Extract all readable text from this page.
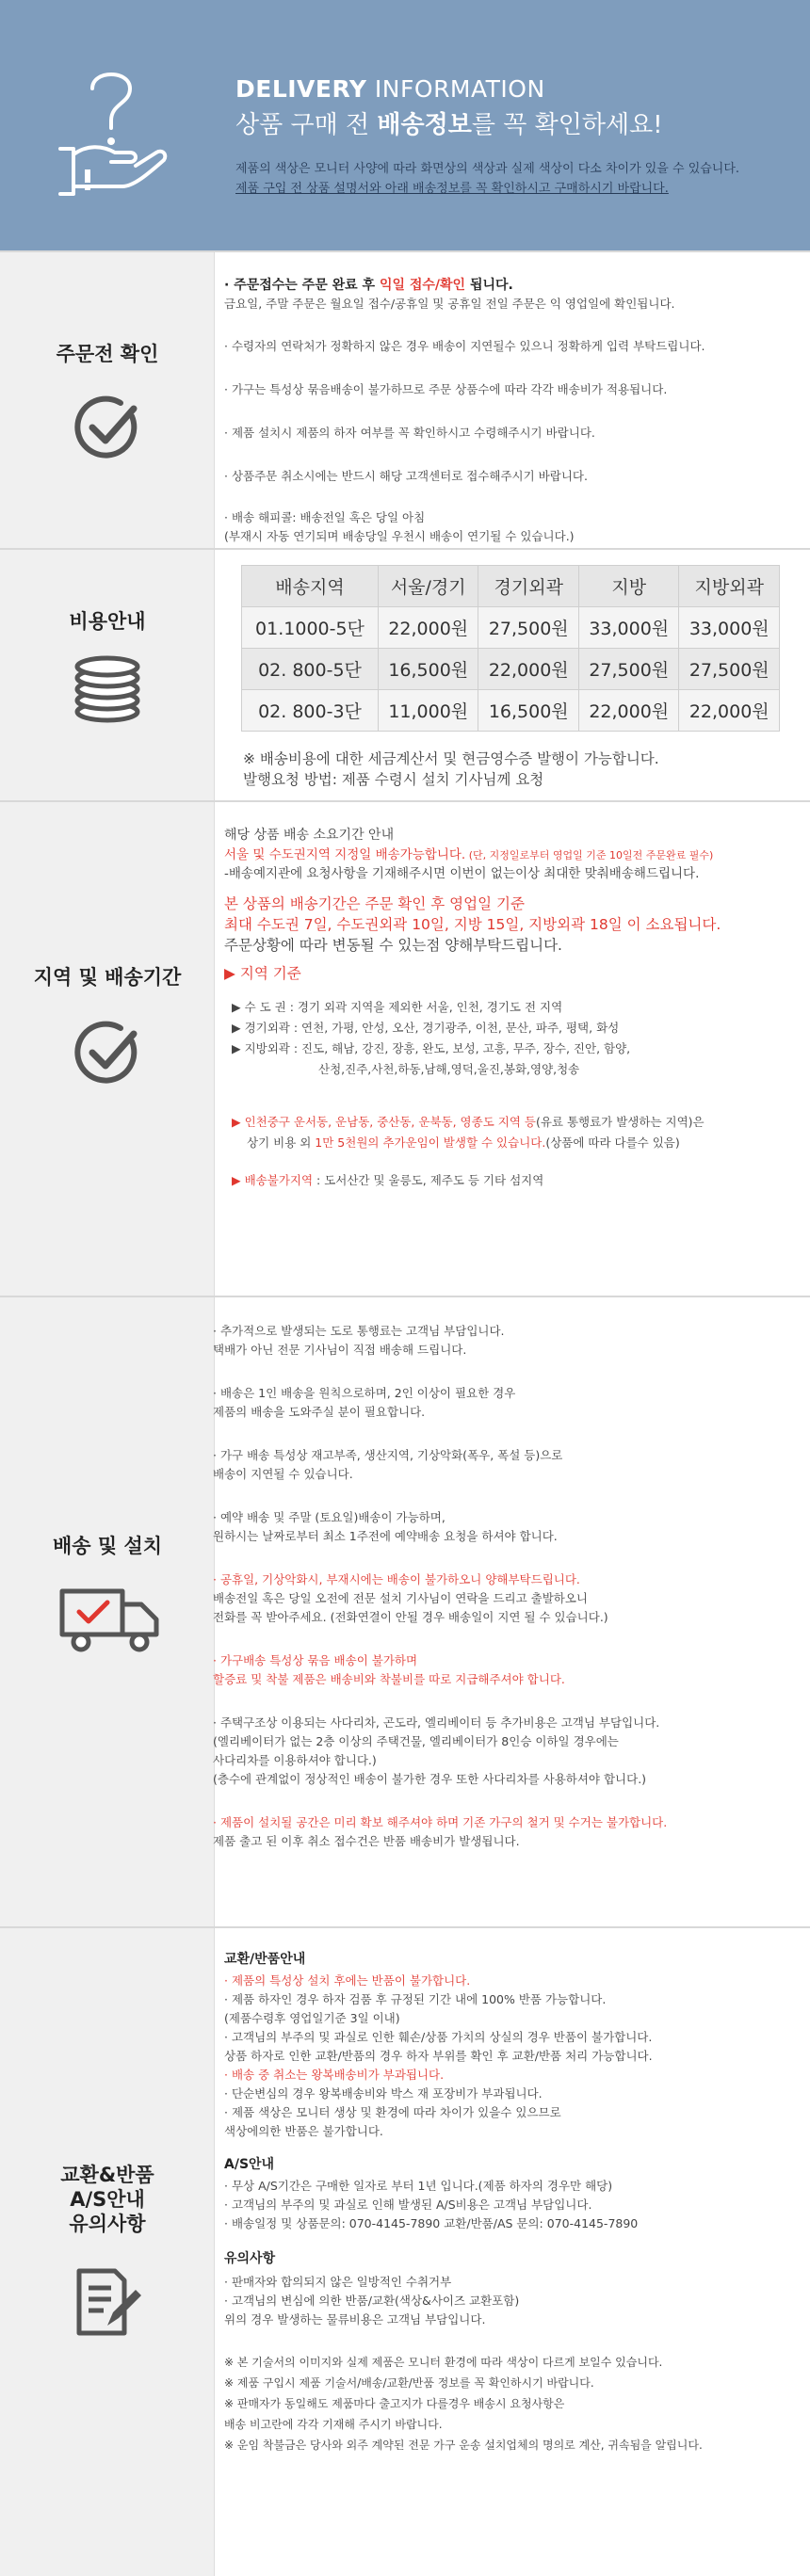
DELIVERY INFORMATION
상품 구매 전 배송정보를 꼭 확인하세요!
제품의 색상은 모니터 사양에 따라 화면상의 색상과 실제 색상이 다소 차이가 있을 수 있습니다.
제품 구입 전 상품 설명서와 아래 배송정보를 꼭 확인하시고 구매하시기 바랍니다.
주문전 확인
· 주문접수는 주문 완료 후 익일 접수/확인 됩니다.
금요일, 주말 주문은 월요일 접수/공휴일 및 공휴일 전일 주문은 익 영업일에 확인됩니다.
· 수령자의 연락처가 정확하지 않은 경우 배송이 지연될수 있으니 정확하게 입력 부탁드립니다.
· 가구는 특성상 묶음배송이 불가하므로 주문 상품수에 따라 각각 배송비가 적용됩니다.
· 제품 설치시 제품의 하자 여부를 꼭 확인하시고 수령해주시기 바랍니다.
· 상품주문 취소시에는 반드시 해당 고객센터로 접수해주시기 바랍니다.
· 배송 해피콜: 배송전일 혹은 당일 아침
(부재시 자동 연기되며 배송당일 우천시 배송이 연기될 수 있습니다.)
비용안내
배송지역	서울/경기	경기외곽	지방	지방외곽
01.1000-5단	22,000원	27,500원	33,000원	33,000원
02. 800-5단	16,500원	22,000원	27,500원	27,500원
02. 800-3단	11,000원	16,500원	22,000원	22,000원
※ 배송비용에 대한 세금계산서 및 현금영수증 발행이 가능합니다.
발행요청 방법: 제품 수령시 설치 기사님께 요청
지역 및 배송기간
해당 상품 배송 소요기간 안내
서울 및 수도권지역 지정일 배송가능합니다. (단, 지정일로부터 영업일 기준 10일전 주문완료 필수)
-배송예지관에 요청사항을 기재해주시면 이번이 없는이상 최대한 맞춰배송해드립니다.
본 상품의 배송기간은 주문 확인 후 영업일 기준
최대 수도권 7일, 수도권외곽 10일, 지방 15일, 지방외곽 18일 이 소요됩니다.
주문상황에 따라 변동될 수 있는점 양해부탁드립니다.
▶ 지역 기준
▶ 수 도 권 : 경기 외곽 지역을 제외한 서울, 인천, 경기도 전 지역
▶ 경기외곽 : 연천, 가평, 안성, 오산, 경기광주, 이천, 문산, 파주, 평택, 화성
▶ 지방외곽 : 진도, 해남, 강진, 장흥, 완도, 보성, 고흥, 무주, 장수, 진안, 함양,
산청,진주,사천,하동,남해,영덕,울진,봉화,영양,청송
▶ 인천중구 운서동, 운남동, 중산동, 운북동, 영종도 지역 등(유료 통행료가 발생하는 지역)은
상기 비용 외 1만 5천원의 추가운임이 발생할 수 있습니다.(상품에 따라 다를수 있음)
▶ 배송불가지역 : 도서산간 및 울릉도, 제주도 등 기타 섬지역
배송 및 설치
· 추가적으로 발생되는 도로 통행료는 고객님 부담입니다.
택배가 아닌 전문 기사님이 직접 배송해 드립니다.
· 배송은 1인 배송을 원칙으로하며, 2인 이상이 필요한 경우
제품의 배송을 도와주실 분이 필요합니다.
· 가구 배송 특성상 재고부족, 생산지역, 기상악화(폭우, 폭설 등)으로
배송이 지연될 수 있습니다.
· 예약 배송 및 주말 (토요일)배송이 가능하며,
원하시는 날짜로부터 최소 1주전에 예약배송 요청을 하셔야 합니다.
· 공휴일, 기상악화시, 부재시에는 배송이 불가하오니 양해부탁드립니다.
배송전일 혹은 당일 오전에 전문 설치 기사님이 연락을 드리고 출발하오니
전화를 꼭 받아주세요. (전화연결이 안될 경우 배송일이 지연 될 수 있습니다.)
· 가구배송 특성상 묶음 배송이 불가하며
할증료 및 착불 제품은 배송비와 착불비를 따로 지급해주셔야 합니다.
· 주택구조상 이용되는 사다리차, 곤도라, 엘리베이터 등 추가비용은 고객님 부담입니다.
(엘리베이터가 없는 2층 이상의 주택건물, 엘리베이터가 8인승 이하일 경우에는
사다리차를 이용하셔야 합니다.)
(층수에 관계없이 정상적인 배송이 불가한 경우 또한 사다리차를 사용하셔야 합니다.)
· 제품이 설치될 공간은 미리 확보 해주셔야 하며 기존 가구의 철거 및 수거는 불가합니다.
제품 출고 된 이후 취소 접수건은 반품 배송비가 발생됩니다.
교환&반품
A/S안내
유의사항
교환/반품안내
· 제품의 특성상 설치 후에는 반품이 불가합니다.
· 제품 하자인 경우 하자 검품 후 규정된 기간 내에 100% 반품 가능합니다.
(제품수령후 영업일기준 3일 이내)
· 고객님의 부주의 및 과실로 인한 훼손/상품 가치의 상실의 경우 반품이 불가합니다.
상품 하자로 인한 교환/반품의 경우 하자 부위를 확인 후 교환/반품 처리 가능합니다.
· 배송 중 취소는 왕복배송비가 부과됩니다.
· 단순변심의 경우 왕복배송비와 박스 재 포장비가 부과됩니다.
· 제품 색상은 모니터 생상 및 환경에 따라 차이가 있을수 있으므로
색상에의한 반품은 불가합니다.
A/S안내
· 무상 A/S기간은 구매한 일자로 부터 1년 입니다.(제품 하자의 경우만 해당)
· 고객님의 부주의 및 과실로 인해 발생된 A/S비용은 고객님 부담입니다.
· 배송일정 및 상품문의: 070-4145-7890 교환/반품/AS 문의: 070-4145-7890
유의사항
· 판매자와 합의되지 않은 일방적인 수취거부
· 고객님의 변심에 의한 반품/교환(색상&사이즈 교환포함)
위의 경우 발생하는 물류비용은 고객님 부담입니다.
※ 본 기술서의 이미지와 실제 제품은 모니터 환경에 따라 색상이 다르게 보일수 있습니다.
※ 제품 구입시 제품 기술서/배송/교환/반품 정보를 꼭 확인하시기 바랍니다.
※ 판매자가 동일해도 제품마다 출고지가 다를경우 배송시 요청사항은
배송 비고란에 각각 기재해 주시기 바랍니다.
※ 운임 착불금은 당사와 외주 계약된 전문 가구 운송 설치업체의 명의로 계산, 귀속됨을 알립니다.
